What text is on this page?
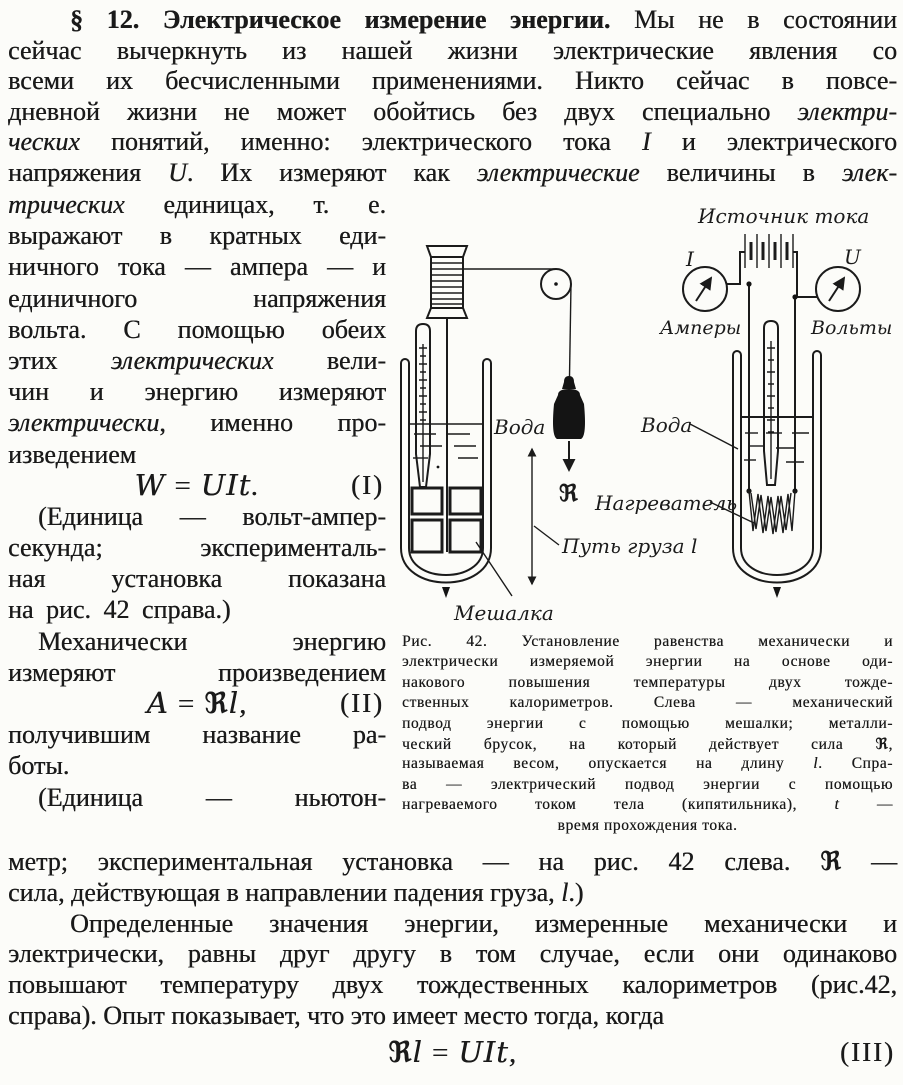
§ 12. Электрическое измерение энергии. Мы не в состоянии
сейчас вычеркнуть из нашей жизни электрические явления со
всеми их бесчисленными применениями. Никто сейчас в повсе-
дневной жизни не может обойтись без двух специально электри-
ческих понятий, именно: электрического тока I и электрического
напряжения U. Их измеряют как электрические величины в элек-
трических единицах, т. е.
выражают в кратных еди-
ничного тока — ампера — и
единичного напряжения
вольта. С помощью обеих
этих электрических вели-
чин и энергию измеряют
электрически, именно про-
изведением
W = UIt.	(I)
(Единица — вольт-ампер-
секунда; эксперименталь-
ная установка показана
на рис. 42 справа.)
Механически энергию
измеряют произведением
A = ℜl,	(II)
получившим название ра-
боты.
(Единица — ньютон-
ℜ
Путь груза l
Мешалка
Вода
Источник тока
I
Амперы
U
Вольты
Вода
Нагреватель
Рис. 42. Установление равенства механически и
электрически измеряемой энергии на основе оди-
накового повышения температуры двух тожде-
ственных калориметров. Слева — механический
подвод энергии с помощью мешалки; металли-
ческий брусок, на который действует сила ℜ,
называемая весом, опускается на длину l. Спра-
ва — электрический подвод энергии с помощью
нагреваемого током тела (кипятильника), t —
время прохождения тока.
метр; экспериментальная установка — на рис. 42 слева. ℜ —
сила, действующая в направлении падения груза, l.)
Определенные значения энергии, измеренные механически и
электрически, равны друг другу в том случае, если они одинаково
повышают температуру двух тождественных калориметров (рис.42,
справа). Опыт показывает, что это имеет место тогда, когда
ℜl = UIt,	(III)
